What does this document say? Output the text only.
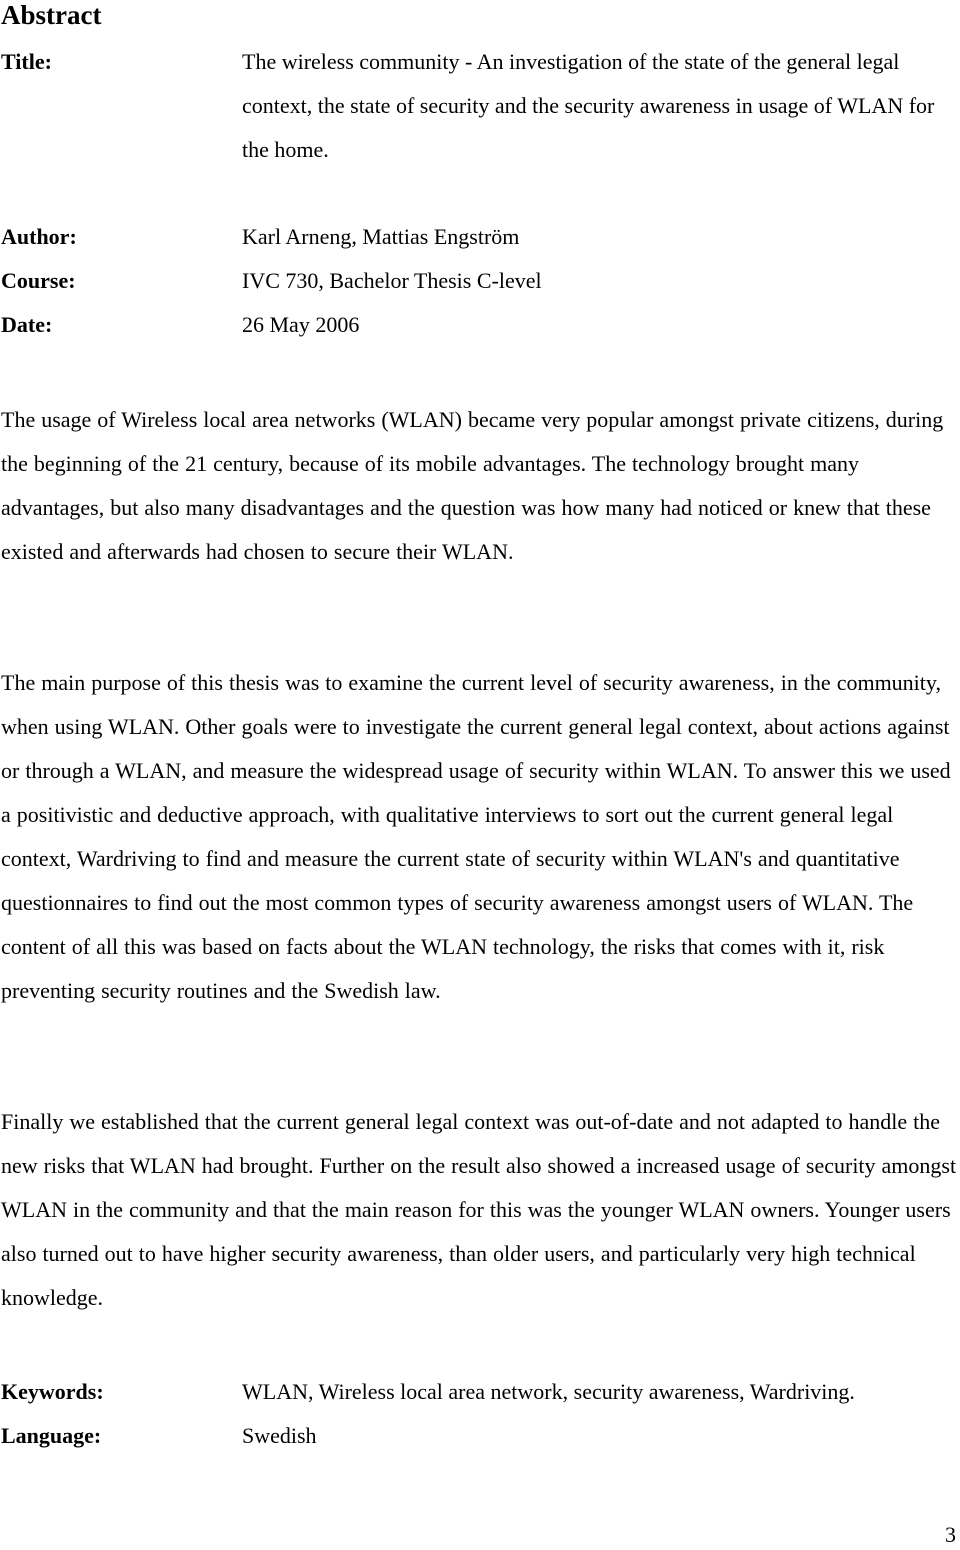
Abstract
Title:	The wireless community - An investigation of the state of the general legal context, the state of security and the security awareness in usage of WLAN for the home.
Author:	Karl Arneng, Mattias Engström
Course:	IVC 730, Bachelor Thesis C-level
Date:	26 May 2006

The usage of Wireless local area networks (WLAN) became very popular amongst private citizens, during the beginning of the 21 century, because of its mobile advantages. The technology brought many advantages, but also many disadvantages and the question was how many had noticed or knew that these existed and afterwards had chosen to secure their WLAN.

The main purpose of this thesis was to examine the current level of security awareness, in the community, when using WLAN. Other goals were to investigate the current general legal context, about actions against or through a WLAN, and measure the widespread usage of security within WLAN. To answer this we used a positivistic and deductive approach, with qualitative interviews to sort out the current general legal context, Wardriving to find and measure the current state of security within WLAN's and quantitative questionnaires to find out the most common types of security awareness amongst users of WLAN. The content of all this was based on facts about the WLAN technology, the risks that comes with it, risk preventing security routines and the Swedish law.

Finally we established that the current general legal context was out-of-date and not adapted to handle the new risks that WLAN had brought. Further on the result also showed a increased usage of security amongst WLAN in the community and that the main reason for this was the younger WLAN owners. Younger users also turned out to have higher security awareness, than older users, and particularly very high technical knowledge.

Keywords:	WLAN, Wireless local area network, security awareness, Wardriving.
Language:	Swedish
3
